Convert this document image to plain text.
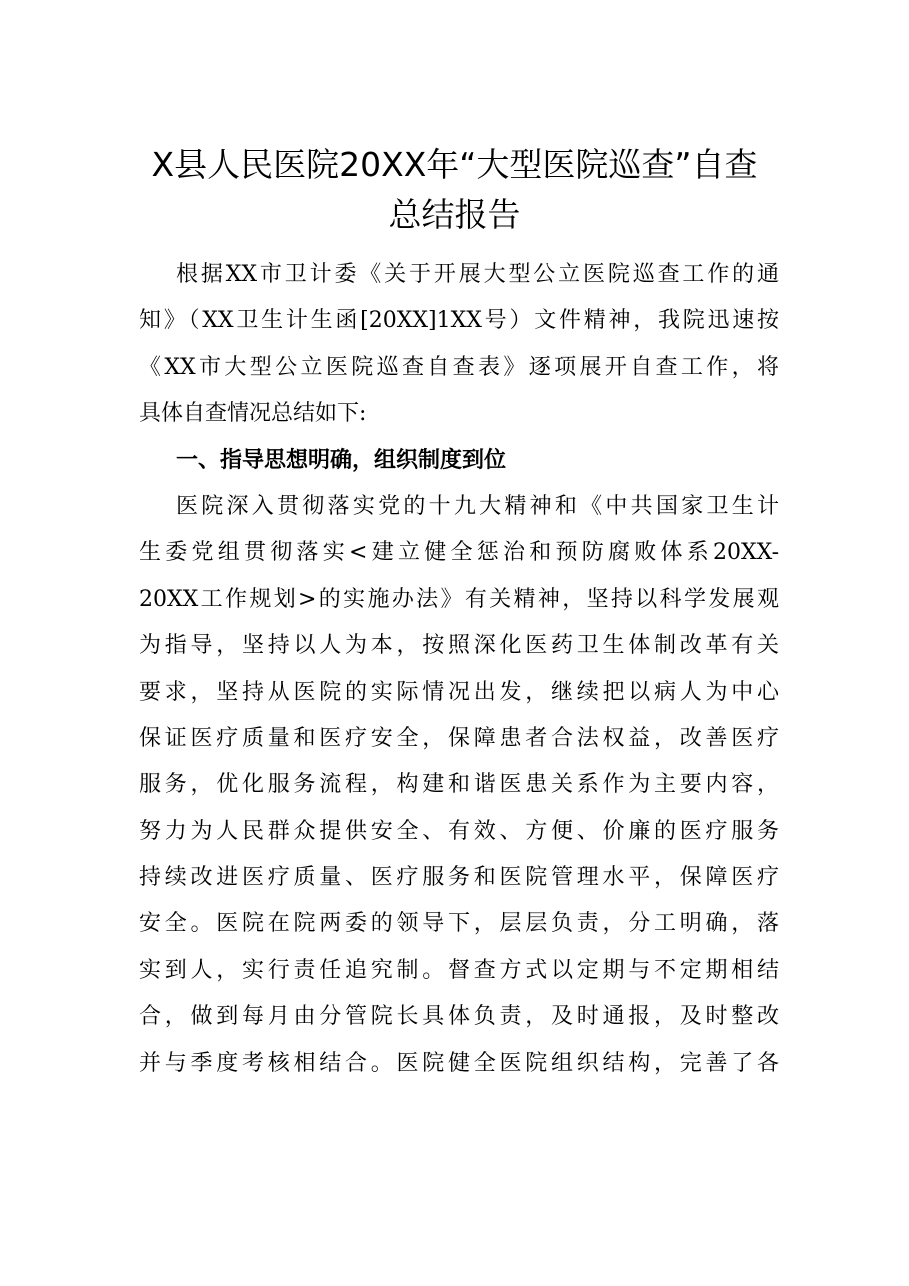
X县人民医院20XX年“大型医院巡查”自查
总结报告
根据XX市卫计委《关于开展大型公立医院巡查工作的通
知》（XX卫生计生函[20XX]1XX号）文件精神，我院迅速按
《XX市大型公立医院巡查自查表》逐项展开自查工作，将
具体自查情况总结如下:
一、指导思想明确，组织制度到位
医院深入贯彻落实党的十九大精神和《中共国家卫生计
生委党组贯彻落实<建立健全惩治和预防腐败体系20XX-
20XX工作规划>的实施办法》有关精神，坚持以科学发展观
为指导，坚持以人为本，按照深化医药卫生体制改革有关
要求，坚持从医院的实际情况出发，继续把以病人为中心
保证医疗质量和医疗安全，保障患者合法权益，改善医疗
服务，优化服务流程，构建和谐医患关系作为主要内容，
努力为人民群众提供安全、有效、方便、价廉的医疗服务
持续改进医疗质量、医疗服务和医院管理水平，保障医疗
安全。医院在院两委的领导下，层层负责，分工明确，落
实到人，实行责任追究制。督查方式以定期与不定期相结
合，做到每月由分管院长具体负责，及时通报，及时整改
并与季度考核相结合。医院健全医院组织结构，完善了各
